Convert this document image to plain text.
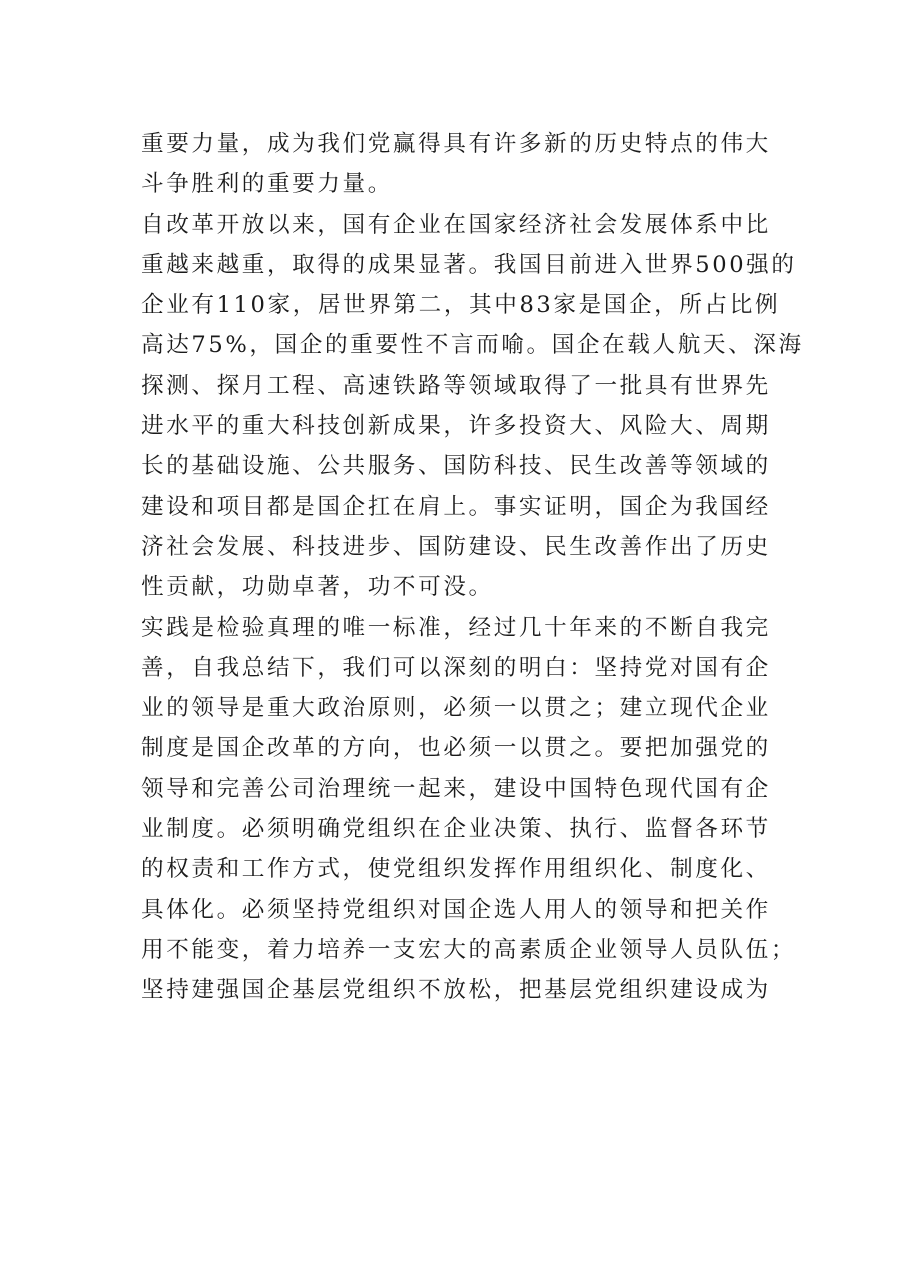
重要力量，成为我们党赢得具有许多新的历史特点的伟大
斗争胜利的重要力量。
自改革开放以来，国有企业在国家经济社会发展体系中比
重越来越重，取得的成果显著。我国目前进入世界500强的
企业有110家，居世界第二，其中83家是国企，所占比例
高达75%，国企的重要性不言而喻。国企在载人航天、深海
探测、探月工程、高速铁路等领域取得了一批具有世界先
进水平的重大科技创新成果，许多投资大、风险大、周期
长的基础设施、公共服务、国防科技、民生改善等领域的
建设和项目都是国企扛在肩上。事实证明，国企为我国经
济社会发展、科技进步、国防建设、民生改善作出了历史
性贡献，功勋卓著，功不可没。
实践是检验真理的唯一标准，经过几十年来的不断自我完
善，自我总结下，我们可以深刻的明白：坚持党对国有企
业的领导是重大政治原则，必须一以贯之；建立现代企业
制度是国企改革的方向，也必须一以贯之。要把加强党的
领导和完善公司治理统一起来，建设中国特色现代国有企
业制度。必须明确党组织在企业决策、执行、监督各环节
的权责和工作方式，使党组织发挥作用组织化、制度化、
具体化。必须坚持党组织对国企选人用人的领导和把关作
用不能变，着力培养一支宏大的高素质企业领导人员队伍；
坚持建强国企基层党组织不放松，把基层党组织建设成为
